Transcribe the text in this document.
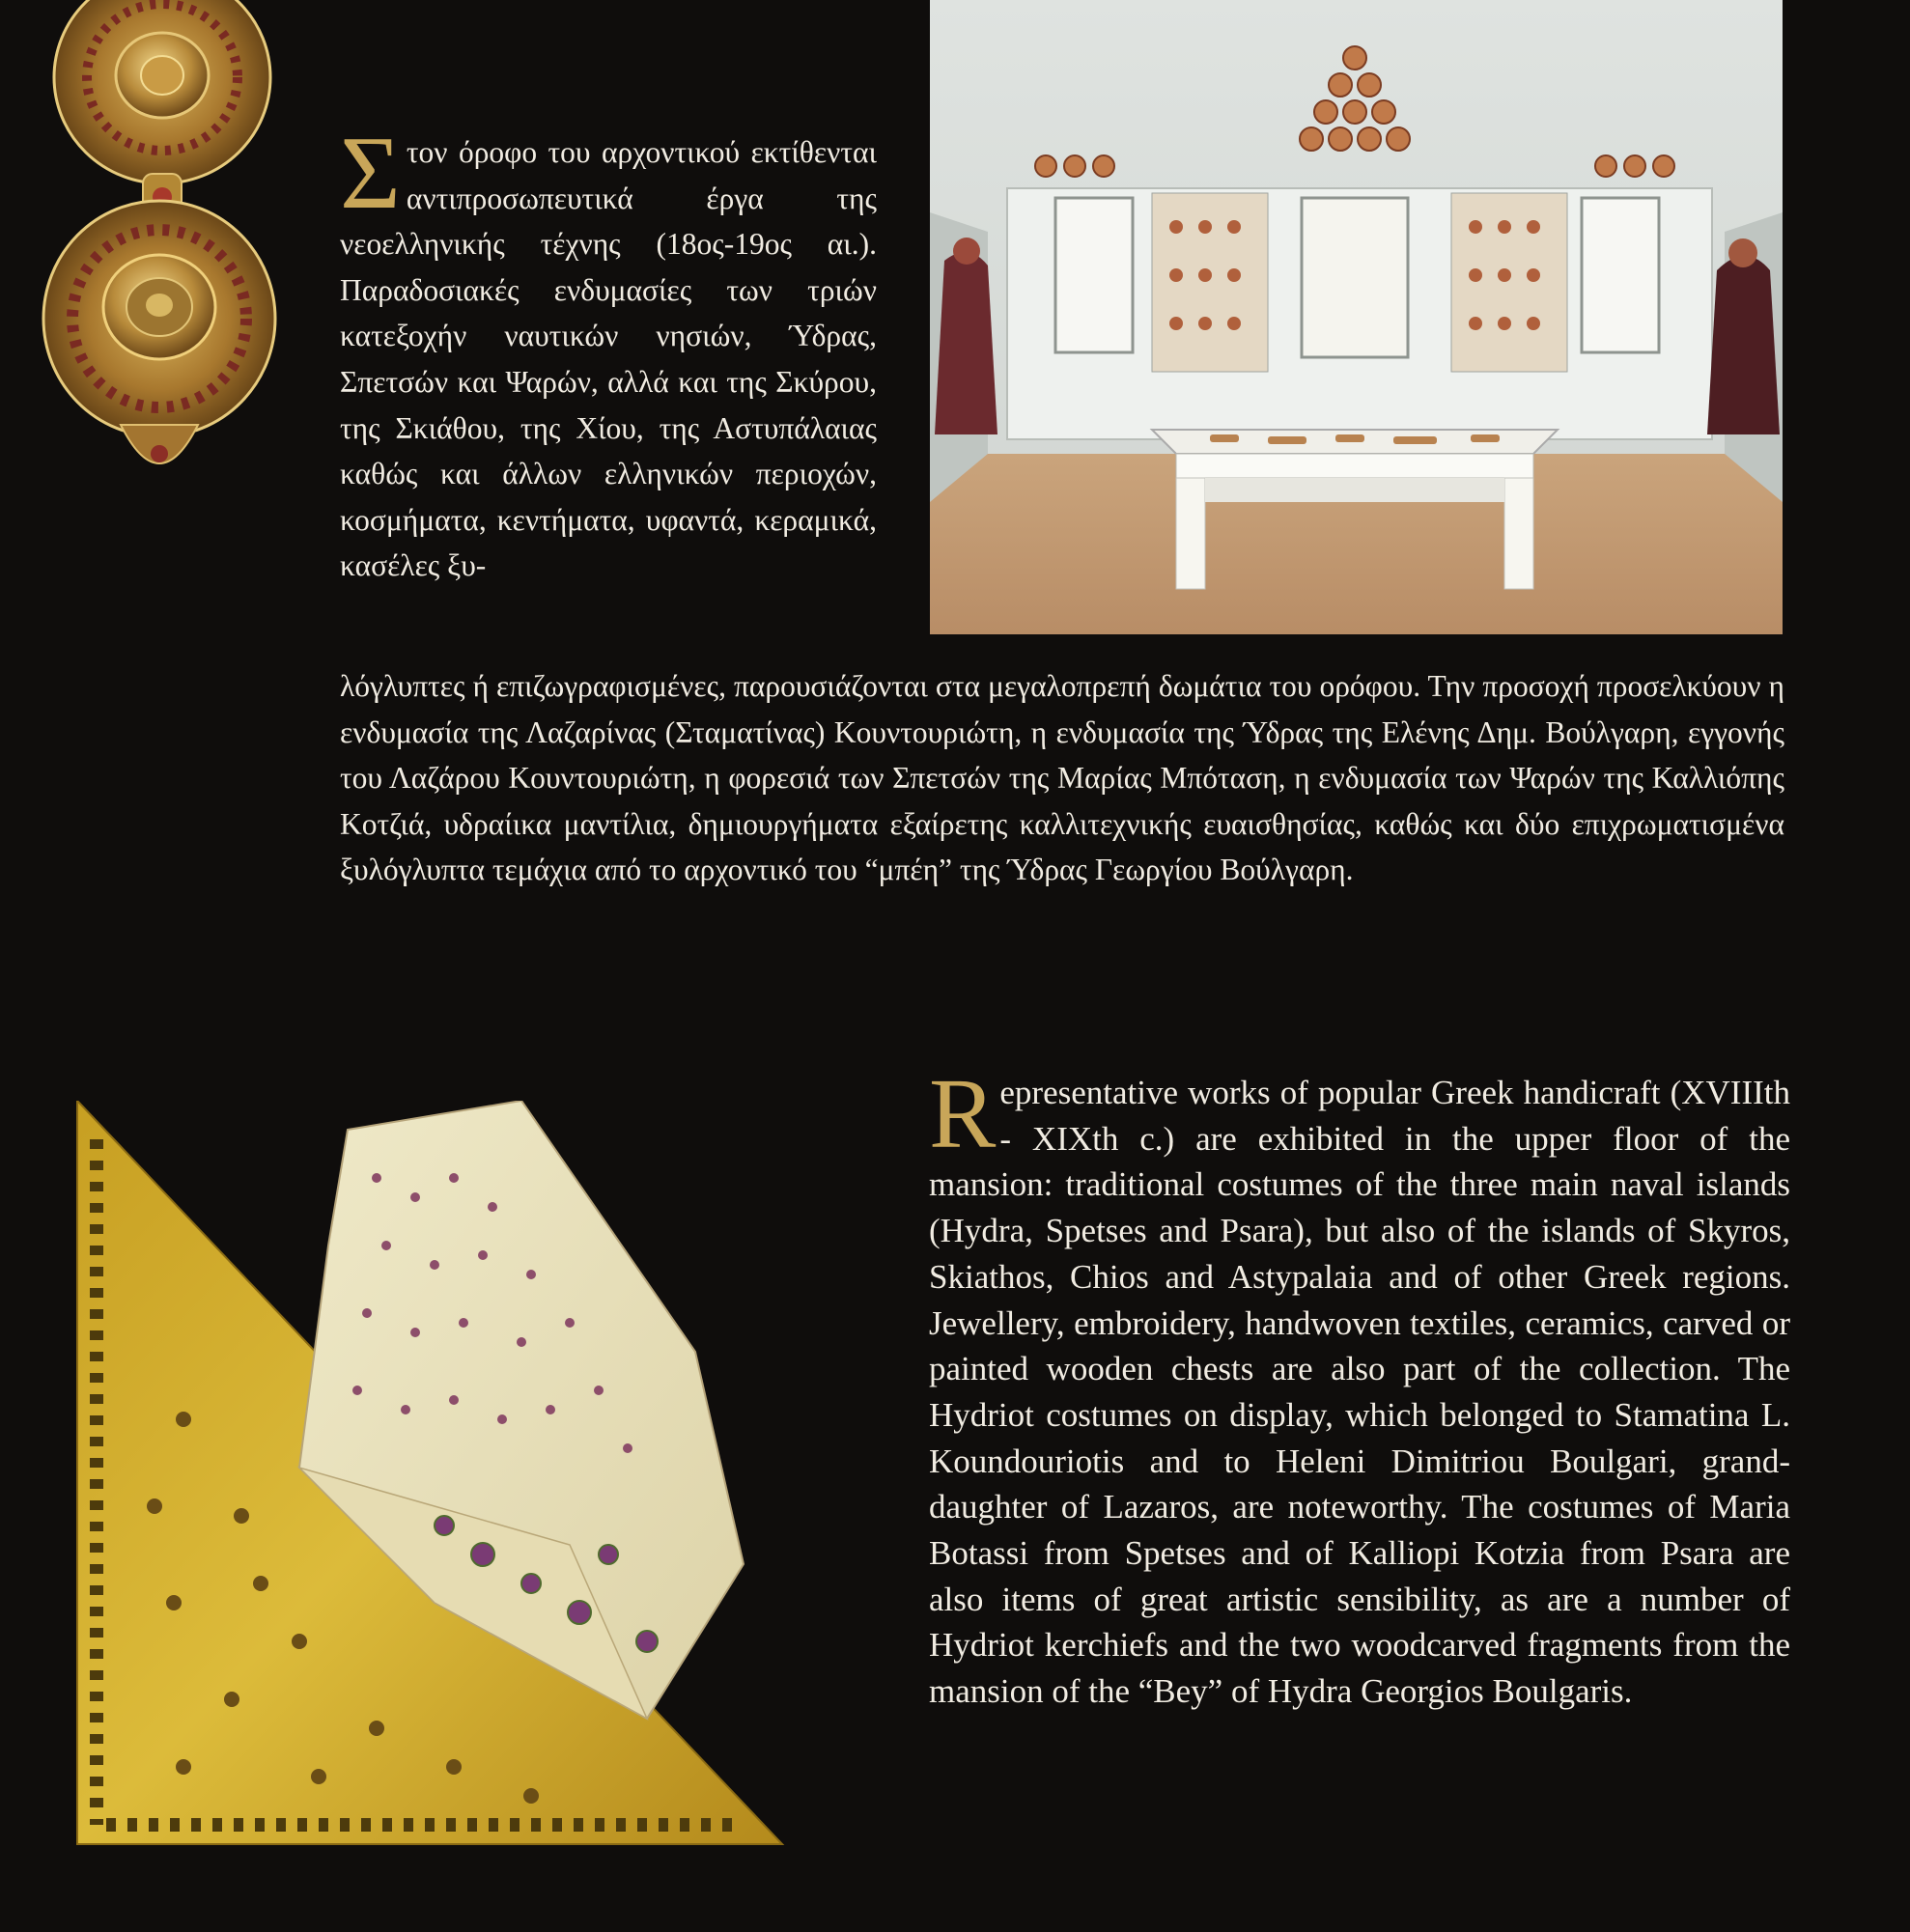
Στον όροφο του αρχοντικού εκτίθενται αντιπροσωπευτικά έργα της νεοελληνικής τέχνης (18ος-19ος αι.). Παραδοσιακές ενδυμασίες των τριών κατεξοχήν ναυτικών νησιών, Ύδρας, Σπετσών και Ψαρών, αλλά και της Σκύρου, της Σκιάθου, της Χίου, της Αστυπάλαιας καθώς και άλλων ελληνικών περιοχών, κοσμήματα, κεντήματα, υφαντά, κεραμικά, κασέλες ξυ-

λόγλυπτες ή επιζωγραφισμένες, παρουσιάζονται στα μεγαλοπρεπή δωμάτια του ορόφου. Την προσοχή προσελκύουν η ενδυμασία της Λαζαρίνας (Σταματίνας) Κουντουριώτη, η ενδυμασία της Ύδρας της Ελένης Δημ. Βούλγαρη, εγγονής του Λαζάρου Κουντουριώτη, η φορεσιά των Σπετσών της Μαρίας Μπόταση, η ενδυμασία των Ψαρών της Καλλιόπης Κοτζιά, υδραίικα μαντίλια, δημιουργήματα εξαίρετης καλλιτεχνικής ευαισθησίας, καθώς και δύο επιχρωματισμένα ξυλόγλυπτα τεμάχια από το αρχοντικό του “μπέη” της Ύδρας Γεωργίου Βούλγαρη.

Representative works of popular Greek handicraft (XVIIIth - XIXth c.) are exhibited in the upper floor of the mansion: traditional costumes of the three main naval islands (Hydra, Spetses and Psara), but also of the islands of Skyros, Skiathos, Chios and Astypalaia and of other Greek regions. Jewellery, embroidery, handwoven textiles, ceramics, carved or painted wooden chests are also part of the collection. The Hydriot costumes on display, which belonged to Stamatina L. Koundouriotis and to Heleni Dimitriou Boulgari, grand-daughter of Lazaros, are noteworthy. The costumes of Maria Botassi from Spetses and of Kalliopi Kotzia from Psara are also items of great artistic sensibility, as are a number of Hydriot kerchiefs and the two woodcarved fragments from the mansion of the “Bey” of Hydra Georgios Boulgaris.
